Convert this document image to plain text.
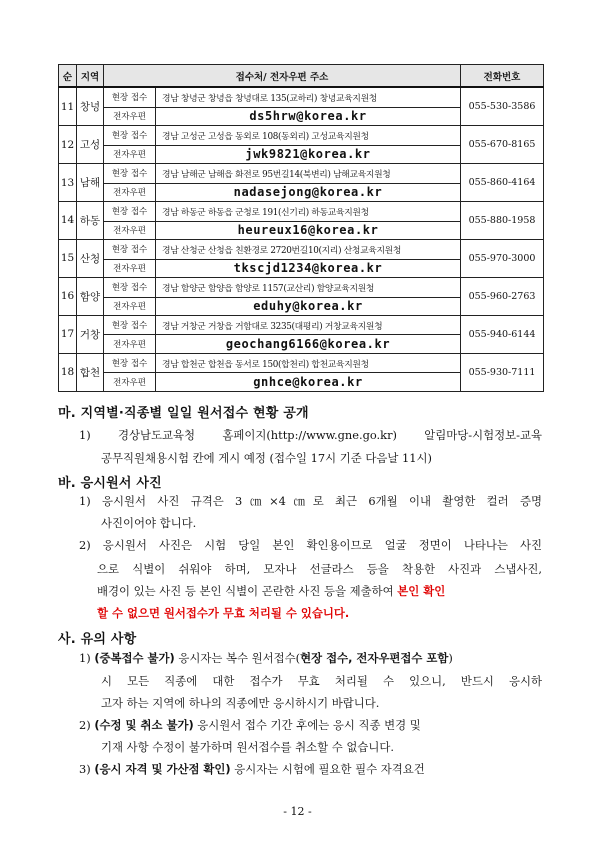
순	지역	접수처/ 전자우편 주소		전화번호
11	창녕	현장 접수	경남 창녕군 창녕읍 창녕대로 135(교하리) 창녕교육지원청	055-530-3586
		전자우편	ds5hrw@korea.kr	
12	고성	현장 접수	경남 고성군 고성읍 동외로 108(동외리) 고성교육지원청	055-670-8165
		전자우편	jwk9821@korea.kr	
13	남해	현장 접수	경남 남해군 남해읍 화전로 95번길14(북변리) 남해교육지원청	055-860-4164
		전자우편	nadasejong@korea.kr	
14	하동	현장 접수	경남 하동군 하동읍 군청로 191(신기리) 하동교육지원청	055-880-1958
		전자우편	heureux16@korea.kr	
15	산청	현장 접수	경남 산청군 산청읍 친환경로 2720번길10(지리) 산청교육지원청	055-970-3000
		전자우편	tkscjd1234@korea.kr	
16	함양	현장 접수	경남 함양군 함양읍 함양로 1157(교산리) 함양교육지원청	055-960-2763
		전자우편	eduhy@korea.kr	
17	거창	현장 접수	경남 거창군 거창읍 거함대로 3235(대평리) 거창교육지원청	055-940-6144
		전자우편	geochang6166@korea.kr	
18	합천	현장 접수	경남 합천군 합천읍 동서로 150(합천리) 합천교육지원청	055-930-7111
		전자우편	gnhce@korea.kr	
마. 지역별·직종별 일일 원서접수 현황 공개
1) 경상남도교육청 홈페이지(http://www.gne.go.kr) 알림마당-시험정보-교육
공무직원채용시험 칸에 게시 예정 (접수일 17시 기준 다음날 11시)
바. 응시원서 사진
1) 응시원서 사진 규격은 3㎝×4㎝로 최근 6개월 이내 촬영한 컬러 증명
사진이어야 합니다.
2) 응시원서 사진은 시험 당일 본인 확인용이므로 얼굴 정면이 나타나는 사진
으로 식별이 쉬워야 하며, 모자나 선글라스 등을 착용한 사진과 스냅사진,
배경이 있는 사진 등 본인 식별이 곤란한 사진 등을 제출하여 본인 확인
할 수 없으면 원서접수가 무효 처리될 수 있습니다.
사. 유의 사항
1) (중복접수 불가) 응시자는 복수 원서접수(현장 접수, 전자우편접수 포함)
시 모든 직종에 대한 접수가 무효 처리될 수 있으니, 반드시 응시하
고자 하는 지역에 하나의 직종에만 응시하시기 바랍니다.
2) (수정 및 취소 불가) 응시원서 접수 기간 후에는 응시 직종 변경 및
기재 사항 수정이 불가하며 원서접수를 취소할 수 없습니다.
3) (응시 자격 및 가산점 확인) 응시자는 시험에 필요한 필수 자격요건
- 12 -
